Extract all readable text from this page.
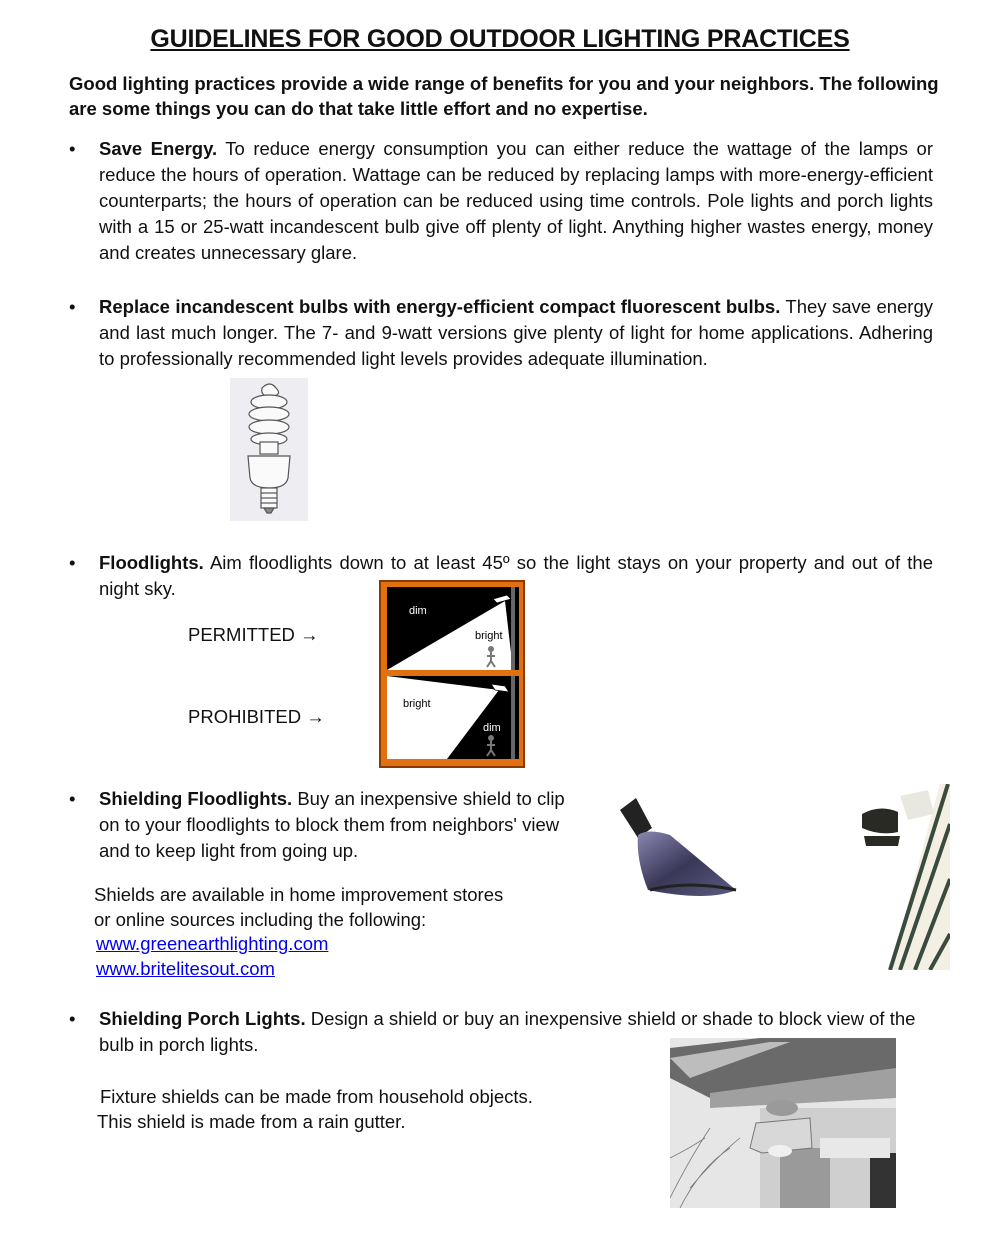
GUIDELINES FOR GOOD OUTDOOR LIGHTING PRACTICES
Good lighting practices provide a wide range of benefits for you and your neighbors. The following are some things you can do that take little effort and no expertise.
• Save Energy. To reduce energy consumption you can either reduce the wattage of the lamps or reduce the hours of operation. Wattage can be reduced by replacing lamps with more-energy-efficient counterparts; the hours of operation can be reduced using time controls. Pole lights and porch lights with a 15 or 25-watt incandescent bulb give off plenty of light. Anything higher wastes energy, money and creates unnecessary glare.
• Replace incandescent bulbs with energy-efficient compact fluorescent bulbs. They save energy and last much longer. The 7- and 9-watt versions give plenty of light for home applications. Adhering to professionally recommended light levels provides adequate illumination.
• Floodlights. Aim floodlights down to at least 45º so the light stays on your property and out of the night sky.
PERMITTED →
PROHIBITED →
dim
bright
bright
dim
• Shielding Floodlights. Buy an inexpensive shield to clip on to your floodlights to block them from neighbors' view and to keep light from going up.
Shields are available in home improvement stores or online sources including the following:
www.greenearthlighting.com
www.britelitesout.com
• Shielding Porch Lights. Design a shield or buy an inexpensive shield or shade to block view of the bulb in porch lights.
Fixture shields can be made from household objects.
This shield is made from a rain gutter.
